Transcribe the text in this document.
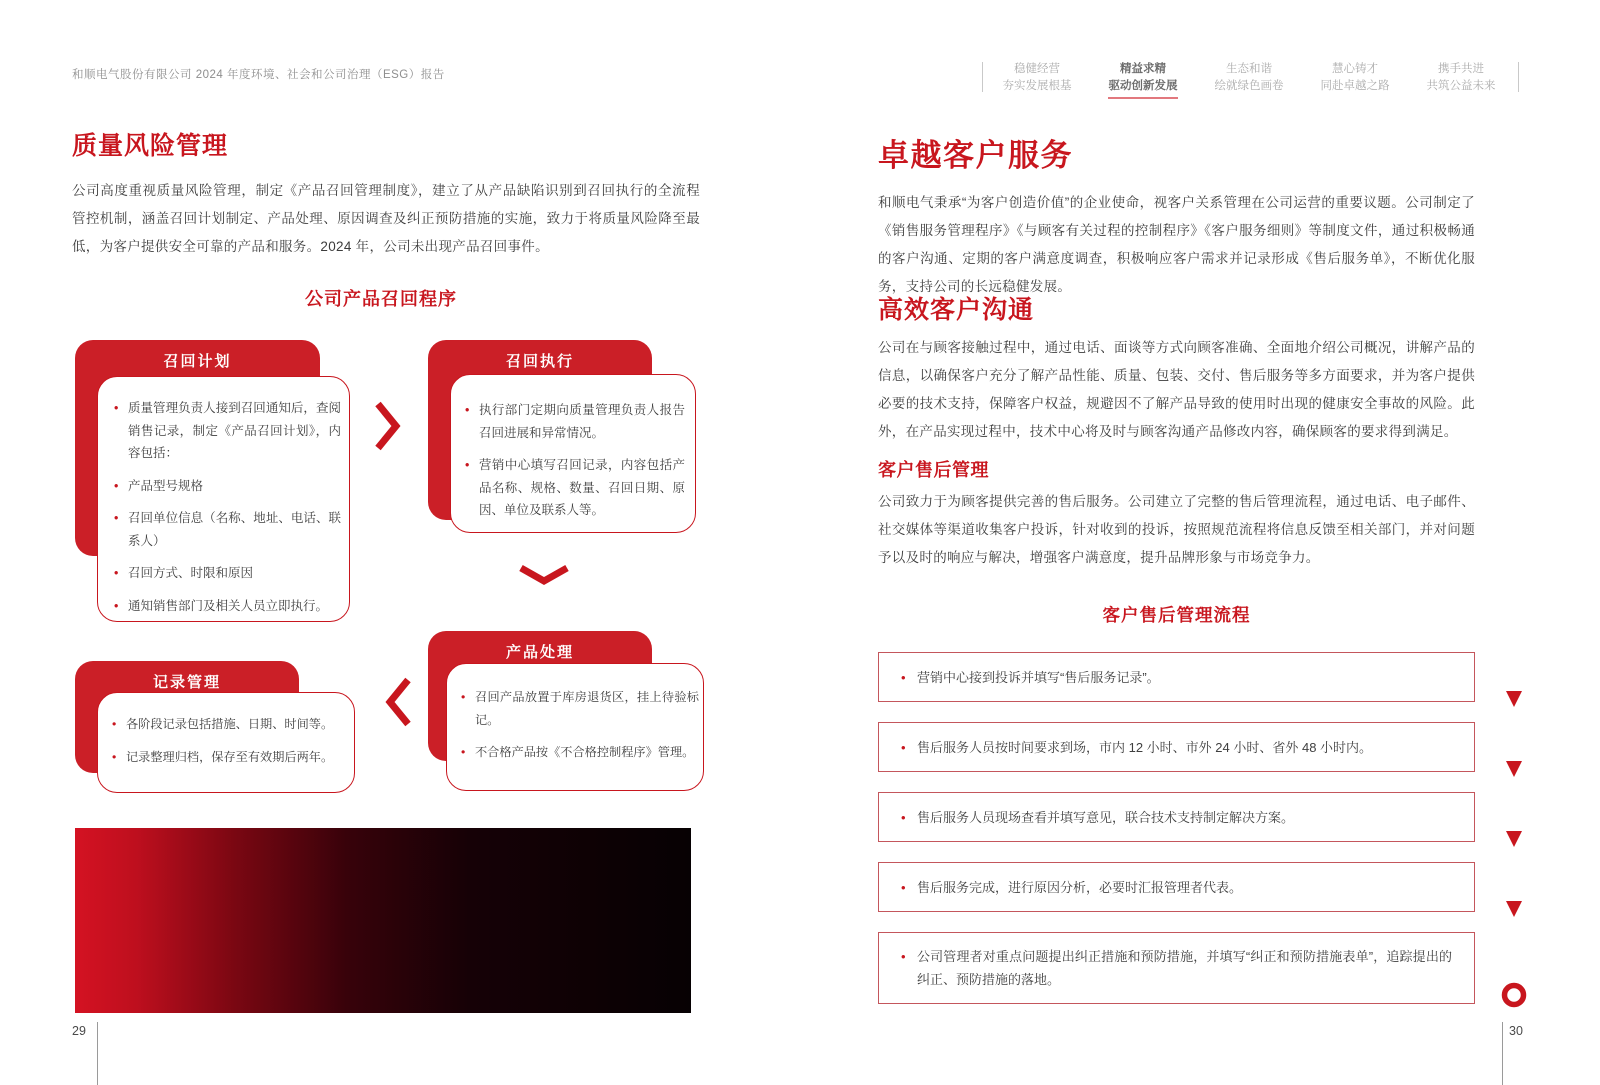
和顺电气股份有限公司 2024 年度环境、社会和公司治理（ESG）报告
质量风险管理
公司高度重视质量风险管理，制定《产品召回管理制度》，建立了从产品缺陷识别到召回执行的全流程管控机制，涵盖召回计划制定、产品处理、原因调查及纠正预防措施的实施，致力于将质量风险降至最低，为客户提供安全可靠的产品和服务。2024 年，公司未出现产品召回事件。
公司产品召回程序
召回计划
• 质量管理负责人接到召回通知后，查阅销售记录，制定《产品召回计划》，内容包括：
• 产品型号规格
• 召回单位信息（名称、地址、电话、联系人）
• 召回方式、时限和原因
• 通知销售部门及相关人员立即执行。
召回执行
• 执行部门定期向质量管理负责人报告召回进展和异常情况。
• 营销中心填写召回记录，内容包括产品名称、规格、数量、召回日期、原因、单位及联系人等。
产品处理
• 召回产品放置于库房退货区，挂上待验标记。
• 不合格产品按《不合格控制程序》管理。
记录管理
• 各阶段记录包括措施、日期、时间等。
• 记录整理归档，保存至有效期后两年。
29
稳健经营
夯实发展根基
精益求精
驱动创新发展
生态和谐
绘就绿色画卷
慧心铸才
同赴卓越之路
携手共进
共筑公益未来
卓越客户服务
和顺电气秉承“为客户创造价值”的企业使命，视客户关系管理在公司运营的重要议题。公司制定了《销售服务管理程序》《与顾客有关过程的控制程序》《客户服务细则》等制度文件，通过积极畅通的客户沟通、定期的客户满意度调查，积极响应客户需求并记录形成《售后服务单》，不断优化服务，支持公司的长远稳健发展。
高效客户沟通
公司在与顾客接触过程中，通过电话、面谈等方式向顾客准确、全面地介绍公司概况，讲解产品的信息，以确保客户充分了解产品性能、质量、包装、交付、售后服务等多方面要求，并为客户提供必要的技术支持，保障客户权益，规避因不了解产品导致的使用时出现的健康安全事故的风险。此外，在产品实现过程中，技术中心将及时与顾客沟通产品修改内容，确保顾客的要求得到满足。
客户售后管理
公司致力于为顾客提供完善的售后服务。公司建立了完整的售后管理流程，通过电话、电子邮件、社交媒体等渠道收集客户投诉，针对收到的投诉，按照规范流程将信息反馈至相关部门，并对问题予以及时的响应与解决，增强客户满意度，提升品牌形象与市场竞争力。
客户售后管理流程
• 营销中心接到投诉并填写“售后服务记录”。
• 售后服务人员按时间要求到场，市内 12 小时、市外 24 小时、省外 48 小时内。
• 售后服务人员现场查看并填写意见，联合技术支持制定解决方案。
• 售后服务完成，进行原因分析，必要时汇报管理者代表。
• 公司管理者对重点问题提出纠正措施和预防措施，并填写“纠正和预防措施表单”，追踪提出的纠正、预防措施的落地。
30
